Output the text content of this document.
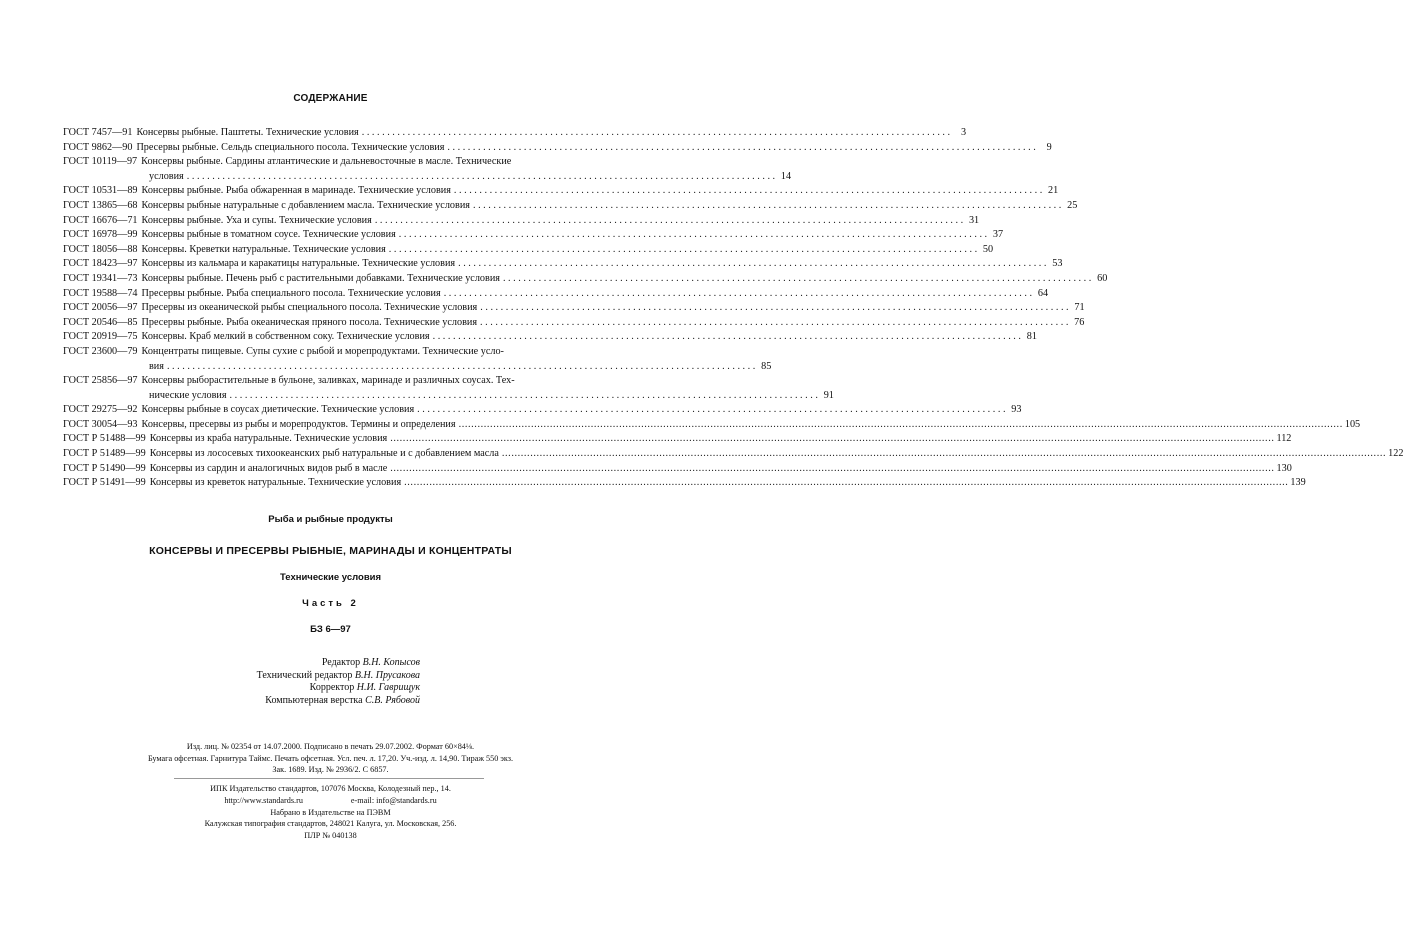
СОДЕРЖАНИЕ
ГОСТ 7457—91 Консервы рыбные. Паштеты. Технические условия . . .	3
ГОСТ 9862—90 Пресервы рыбные. Сельдь специального посола. Технические условия . . .	9
ГОСТ 10119—97 Консервы рыбные. Сардины атлантические и дальневосточные в масле. Технические
условия . . .	14
ГОСТ 10531—89 Консервы рыбные. Рыба обжаренная в маринаде. Технические условия . . .	21
ГОСТ 13865—68 Консервы рыбные натуральные с добавлением масла. Технические условия . . .	25
ГОСТ 16676—71 Консервы рыбные. Уха и супы. Технические условия . . .	31
ГОСТ 16978—99 Консервы рыбные в томатном соусе. Технические условия . . .	37
ГОСТ 18056—88 Консервы. Креветки натуральные. Технические условия . . .	50
ГОСТ 18423—97 Консервы из кальмара и каракатицы натуральные. Технические условия . . .	53
ГОСТ 19341—73 Консервы рыбные. Печень рыб с растительными добавками. Технические условия . . .	60
ГОСТ 19588—74 Пресервы рыбные. Рыба специального посола. Технические условия . . .	64
ГОСТ 20056—97 Пресервы из океанической рыбы специального посола. Технические условия . . .	71
ГОСТ 20546—85 Пресервы рыбные. Рыба океаническая пряного посола. Технические условия . . .	76
ГОСТ 20919—75 Консервы. Краб мелкий в собственном соку. Технические условия . . .	81
ГОСТ 23600—79 Концентраты пищевые. Супы сухие с рыбой и морепродуктами. Технические усло-
вия . . .	85
ГОСТ 25856—97 Консервы рыборастительные в бульоне, заливках, маринаде и различных соусах. Тех-
нические условия . . .	91
ГОСТ 29275—92 Консервы рыбные в соусах диетические. Технические условия . . .	93
ГОСТ 30054—93 Консервы, пресервы из рыбы и морепродуктов. Термины и определения .....	105
ГОСТ Р 51488—99 Консервы из краба натуральные. Технические условия .....	112
ГОСТ Р 51489—99 Консервы из лососевых тихоокеанских рыб натуральные и с добавлением масла .....	122
ГОСТ Р 51490—99 Консервы из сардин и аналогичных видов рыб в масле .....	130
ГОСТ Р 51491—99 Консервы из креветок натуральные. Технические условия .....	139
Рыба и рыбные продукты
КОНСЕРВЫ И ПРЕСЕРВЫ РЫБНЫЕ, МАРИНАДЫ И КОНЦЕНТРАТЫ
Технические условия
Часть 2
БЗ 6—97
Редактор В.Н. Копысов
Технический редактор В.Н. Прусакова
Корректор Н.И. Гаврищук
Компьютерная верстка С.В. Рябовой
Изд. лиц. № 02354 от 14.07.2000. Подписано в печать 29.07.2002. Формат 60×84⅛.
Бумага офсетная. Гарнитура Таймс. Печать офсетная. Усл. печ. л. 17,20. Уч.-изд. л. 14,90. Тираж 550 экз.
Зак. 1689. Изд. № 2936/2. С 6857.
ИПК Издательство стандартов, 107076 Москва, Колодезный пер., 14.
http://www.standards.ru	e-mail: info@standards.ru
Набрано в Издательстве на ПЭВМ
Калужская типография стандартов, 248021 Калуга, ул. Московская, 256.
ПЛР № 040138
